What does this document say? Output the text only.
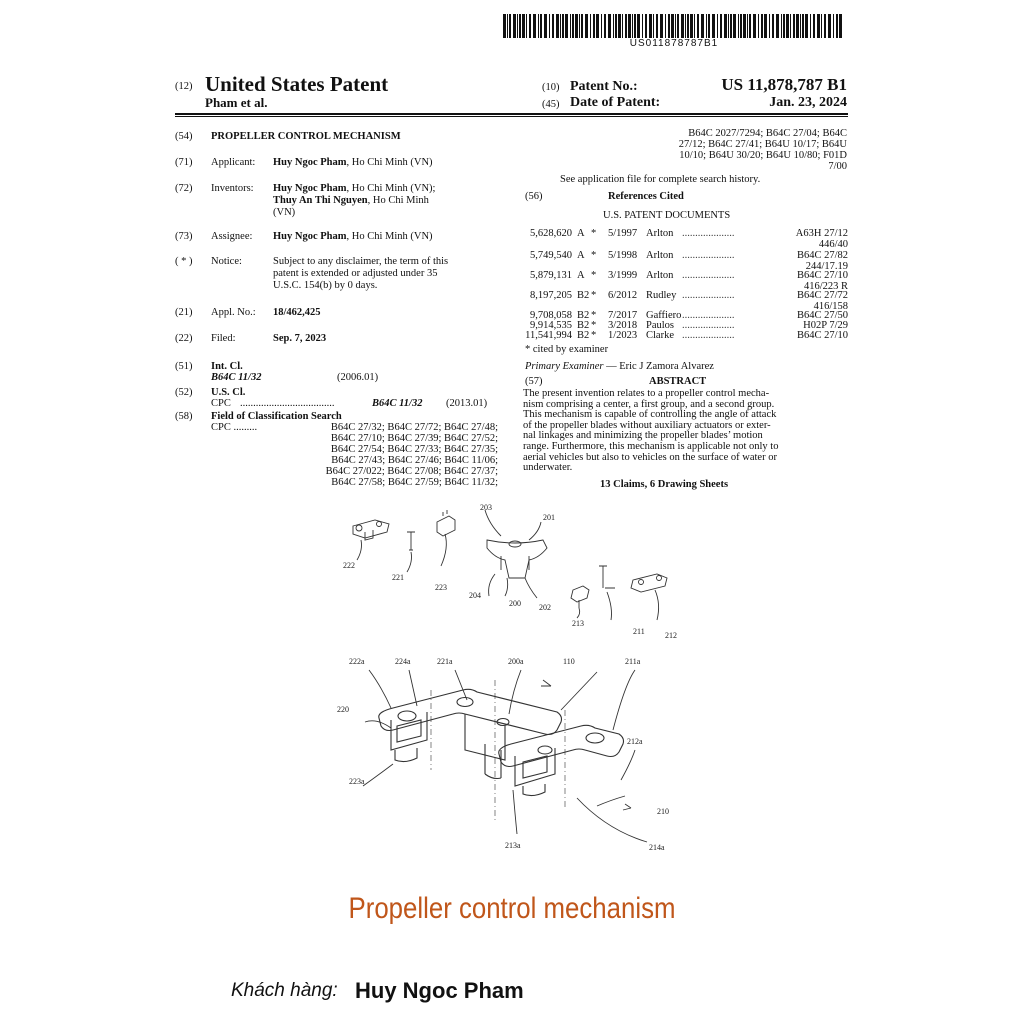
US011878787B1
(12) United States Patent
Pham et al.
(10) Patent No.:	US 11,878,787 B1
(45) Date of Patent:	Jan. 23, 2024
(54) PROPELLER CONTROL MECHANISM
(71) Applicant: Huy Ngoc Pham, Ho Chi Minh (VN)
(72) Inventors: Huy Ngoc Pham, Ho Chi Minh (VN);
Thuy An Thi Nguyen, Ho Chi Minh
(VN)
(73) Assignee: Huy Ngoc Pham, Ho Chi Minh (VN)
( * ) Notice:	Subject to any disclaimer, the term of this
patent is extended or adjusted under 35
U.S.C. 154(b) by 0 days.
(21) Appl. No.: 18/462,425
(22) Filed:	Sep. 7, 2023
(51) Int. Cl.
B64C 11/32	(2006.01)
(52) U.S. Cl.
CPC ....................................	B64C 11/32 (2013.01)
(58) Field of Classification Search
CPC .........	B64C 27/32; B64C 27/72; B64C 27/48;
B64C 27/10; B64C 27/39; B64C 27/52;
B64C 27/54; B64C 27/33; B64C 27/35;
B64C 27/43; B64C 27/46; B64C 11/06;
B64C 27/022; B64C 27/08; B64C 27/37;
B64C 27/58; B64C 27/59; B64C 11/32;
B64C 2027/7294; B64C 27/04; B64C
27/12; B64C 27/41; B64U 10/17; B64U
10/10; B64U 30/20; B64U 10/80; F01D
7/00
See application file for complete search history.
(56)	References Cited
U.S. PATENT DOCUMENTS
5,628,620 A * 5/1997 Arlton ....................	A63H 27/12
446/40
5,749,540 A * 5/1998 Arlton ....................	B64C 27/82
244/17.19
5,879,131 A * 3/1999 Arlton ....................	B64C 27/10
416/223 R
8,197,205 B2 * 6/2012 Rudley ....................	B64C 27/72
416/158
9,708,058 B2 * 7/2017 Gaffiero ....................	B64C 27/50
9,914,535 B2 * 3/2018 Paulos ....................	H02P 7/29
11,541,994 B2 * 1/2023 Clarke ....................	B64C 27/10
* cited by examiner
Primary Examiner — Eric J Zamora Alvarez
(57)	ABSTRACT
The present invention relates to a propeller control mecha-
nism comprising a center, a first group, and a second group.
This mechanism is capable of controlling the angle of attack
of the propeller blades without auxiliary actuators or exter-
nal linkages and minimizing the propeller blades’ motion
range. Furthermore, this mechanism is applicable not only to
aerial vehicles but also to vehicles on the surface of water or
underwater.
13 Claims, 6 Drawing Sheets
203
201
222
221
223
204
200 202
213
211	212
222a	224a	221a	200a	110	211a
220
212a
223a
210
213a	214a
Propeller control mechanism
Khách hàng: Huy Ngoc Pham
